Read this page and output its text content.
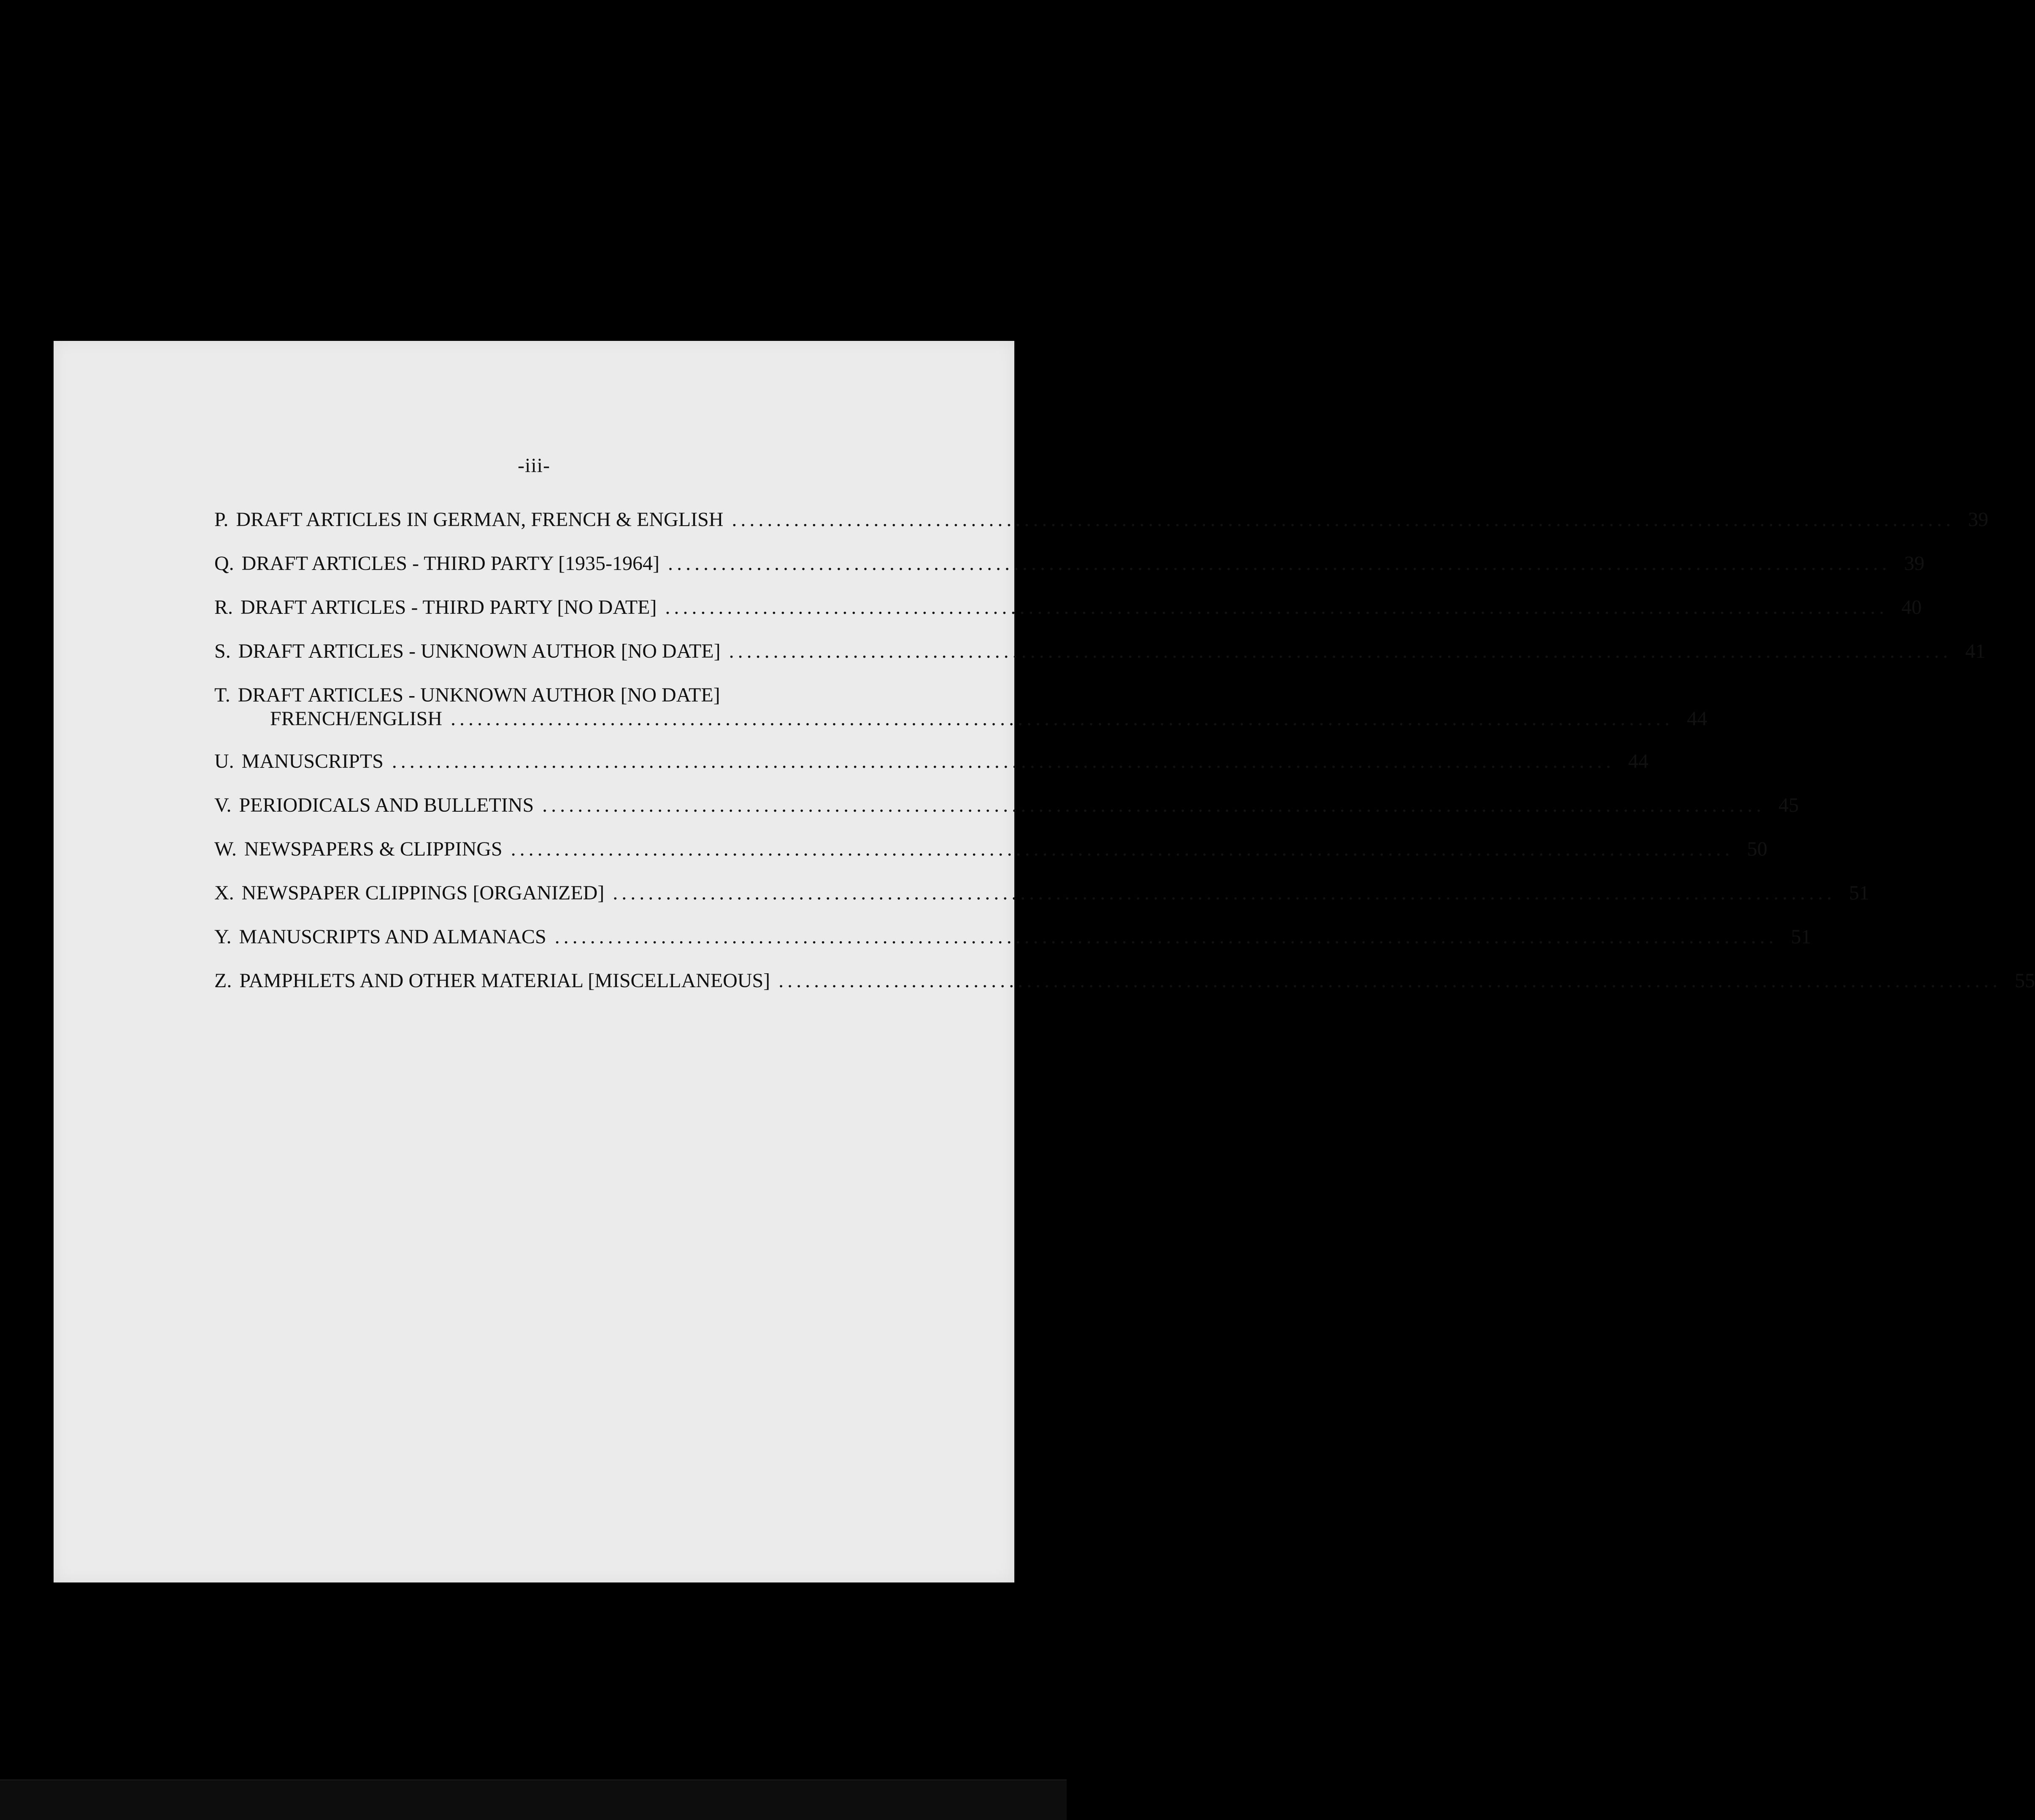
-iii-
P. DRAFT ARTICLES IN GERMAN, FRENCH & ENGLISH .......................................................................................................................................... 39
Q. DRAFT ARTICLES - THIRD PARTY [1935-1964] .......................................................................................................................................... 39
R. DRAFT ARTICLES - THIRD PARTY [NO DATE] .......................................................................................................................................... 40
S. DRAFT ARTICLES - UNKNOWN AUTHOR [NO DATE] .......................................................................................................................................... 41
T. DRAFT ARTICLES - UNKNOWN AUTHOR [NO DATE]
FRENCH/ENGLISH .......................................................................................................................................... 44
U. MANUSCRIPTS .......................................................................................................................................... 44
V. PERIODICALS AND BULLETINS .......................................................................................................................................... 45
W. NEWSPAPERS & CLIPPINGS .......................................................................................................................................... 50
X. NEWSPAPER CLIPPINGS [ORGANIZED] .......................................................................................................................................... 51
Y. MANUSCRIPTS AND ALMANACS .......................................................................................................................................... 51
Z. PAMPHLETS AND OTHER MATERIAL [MISCELLANEOUS] .......................................................................................................................................... 55
